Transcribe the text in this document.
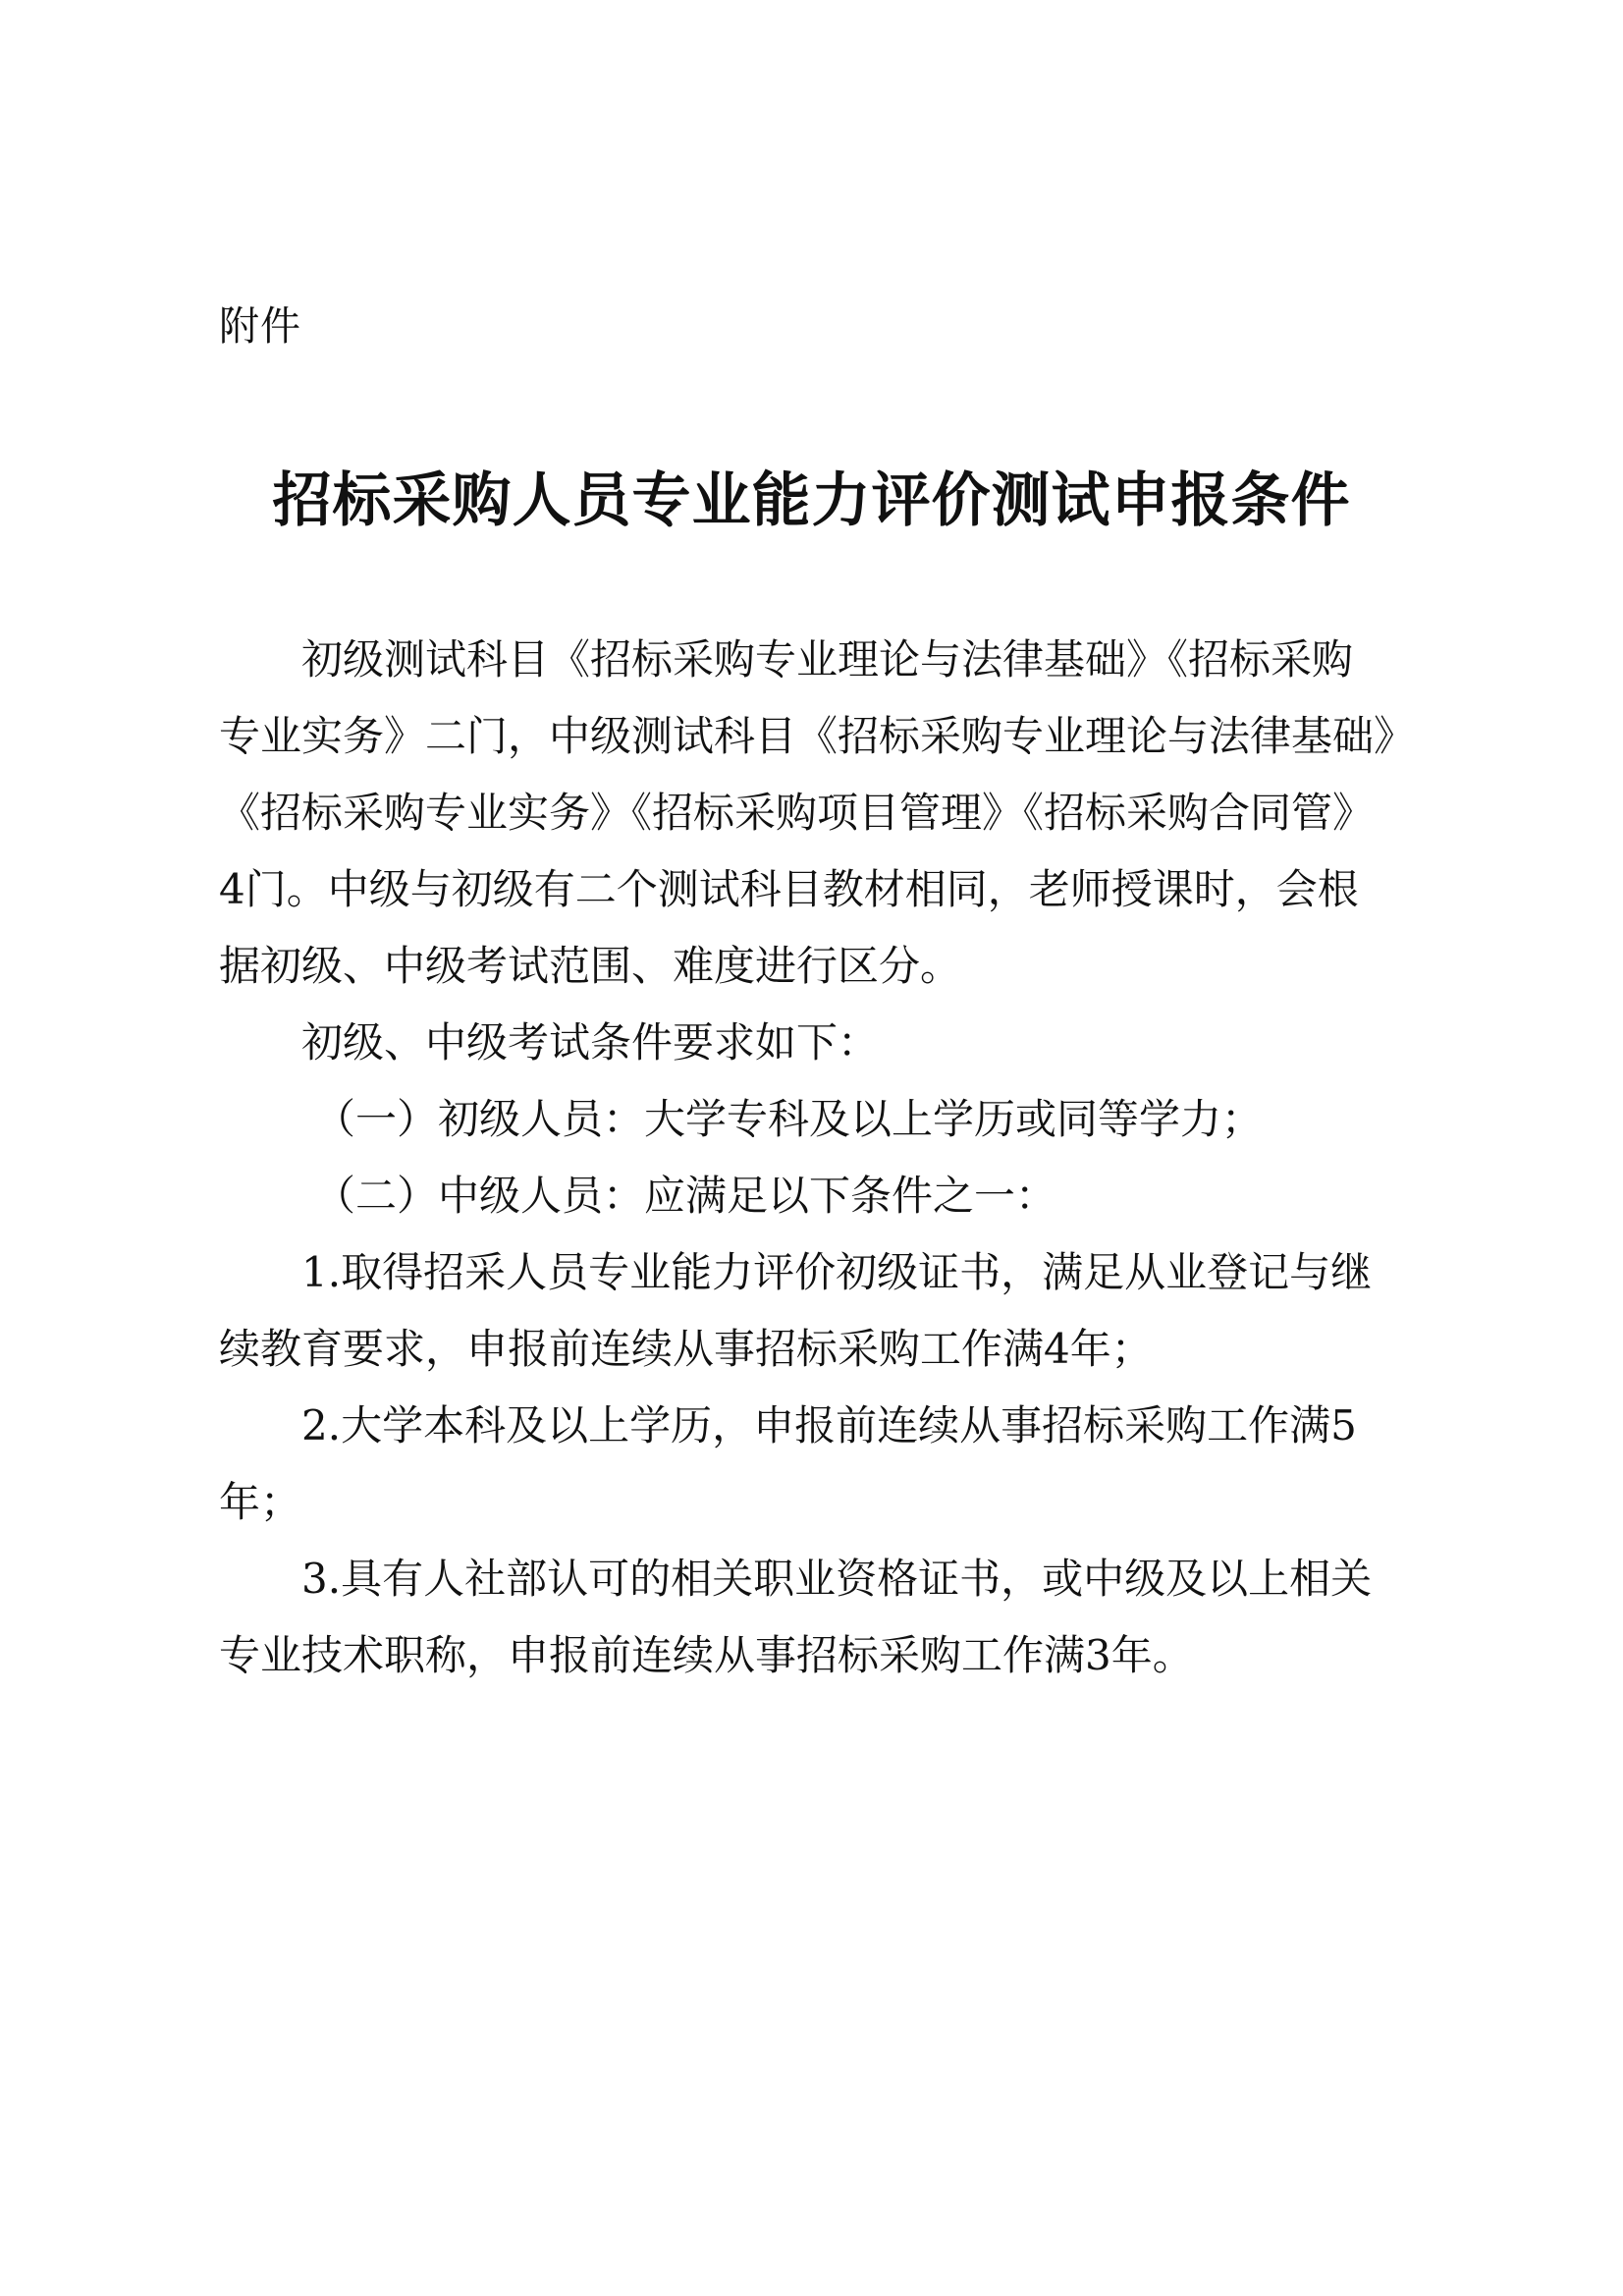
附件
招标采购人员专业能力评价测试申报条件
初级测试科目《招标采购专业理论与法律基础》《招标采购
专业实务》二门，中级测试科目《招标采购专业理论与法律基础》
《招标采购专业实务》《招标采购项目管理》《招标采购合同管》
4门。中级与初级有二个测试科目教材相同，老师授课时，会根
据初级、中级考试范围、难度进行区分。
初级、中级考试条件要求如下：
（一）初级人员：大学专科及以上学历或同等学力；
（二）中级人员：应满足以下条件之一：
1.取得招采人员专业能力评价初级证书，满足从业登记与继
续教育要求，申报前连续从事招标采购工作满4年；
2.大学本科及以上学历，申报前连续从事招标采购工作满5
年；
3.具有人社部认可的相关职业资格证书，或中级及以上相关
专业技术职称，申报前连续从事招标采购工作满3年。
